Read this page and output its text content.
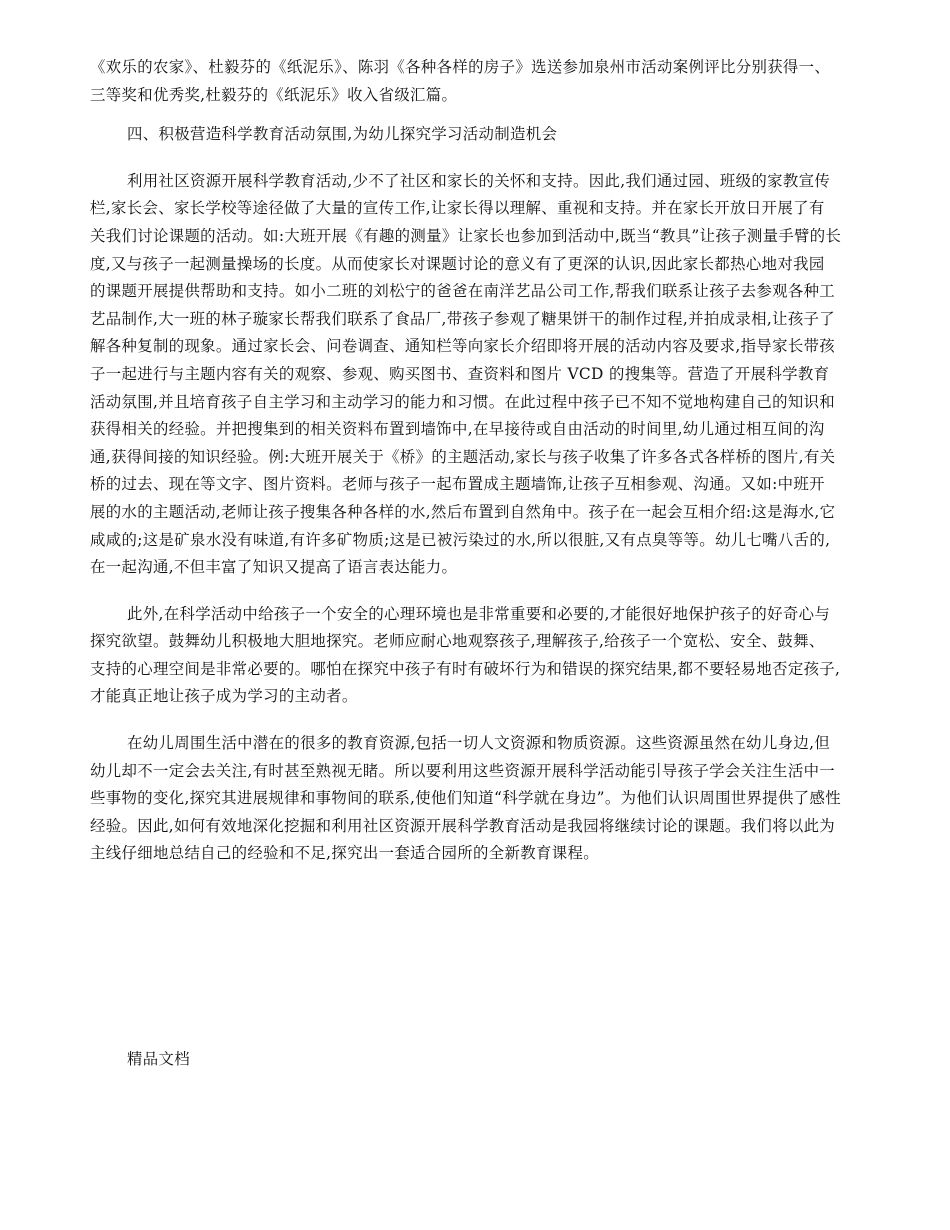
《欢乐的农家》、杜毅芬的《纸泥乐》、陈羽《各种各样的房子》选送参加泉州市活动案例评比分别获得一、
三等奖和优秀奖,杜毅芬的《纸泥乐》收入省级汇篇。
四、积极营造科学教育活动氛围,为幼儿探究学习活动制造机会
利用社区资源开展科学教育活动,少不了社区和家长的关怀和支持。因此,我们通过园、班级的家教宣传
栏,家长会、家长学校等途径做了大量的宣传工作,让家长得以理解、重视和支持。并在家长开放日开展了有
关我们讨论课题的活动。如:大班开展《有趣的测量》让家长也参加到活动中,既当“教具”让孩子测量手臂的长
度,又与孩子一起测量操场的长度。从而使家长对课题讨论的意义有了更深的认识,因此家长都热心地对我园
的课题开展提供帮助和支持。如小二班的刘松宁的爸爸在南洋艺品公司工作,帮我们联系让孩子去参观各种工
艺品制作,大一班的林子璇家长帮我们联系了食品厂,带孩子参观了糖果饼干的制作过程,并拍成录相,让孩子了
解各种复制的现象。通过家长会、问卷调查、通知栏等向家长介绍即将开展的活动内容及要求,指导家长带孩
子一起进行与主题内容有关的观察、参观、购买图书、查资料和图片 VCD 的搜集等。营造了开展科学教育
活动氛围,并且培育孩子自主学习和主动学习的能力和习惯。在此过程中孩子已不知不觉地构建自己的知识和
获得相关的经验。并把搜集到的相关资料布置到墙饰中,在早接待或自由活动的时间里,幼儿通过相互间的沟
通,获得间接的知识经验。例:大班开展关于《桥》的主题活动,家长与孩子收集了许多各式各样桥的图片,有关
桥的过去、现在等文字、图片资料。老师与孩子一起布置成主题墙饰,让孩子互相参观、沟通。又如:中班开
展的水的主题活动,老师让孩子搜集各种各样的水,然后布置到自然角中。孩子在一起会互相介绍:这是海水,它
咸咸的;这是矿泉水没有味道,有许多矿物质;这是已被污染过的水,所以很脏,又有点臭等等。幼儿七嘴八舌的,
在一起沟通,不但丰富了知识又提高了语言表达能力。
此外,在科学活动中给孩子一个安全的心理环境也是非常重要和必要的,才能很好地保护孩子的好奇心与
探究欲望。鼓舞幼儿积极地大胆地探究。老师应耐心地观察孩子,理解孩子,给孩子一个宽松、安全、鼓舞、
支持的心理空间是非常必要的。哪怕在探究中孩子有时有破坏行为和错误的探究结果,都不要轻易地否定孩子,
才能真正地让孩子成为学习的主动者。
在幼儿周围生活中潜在的很多的教育资源,包括一切人文资源和物质资源。这些资源虽然在幼儿身边,但
幼儿却不一定会去关注,有时甚至熟视无睹。所以要利用这些资源开展科学活动能引导孩子学会关注生活中一
些事物的变化,探究其进展规律和事物间的联系,使他们知道“科学就在身边”。为他们认识周围世界提供了感性
经验。因此,如何有效地深化挖掘和利用社区资源开展科学教育活动是我园将继续讨论的课题。我们将以此为
主线仔细地总结自己的经验和不足,探究出一套适合园所的全新教育课程。
精品文档
